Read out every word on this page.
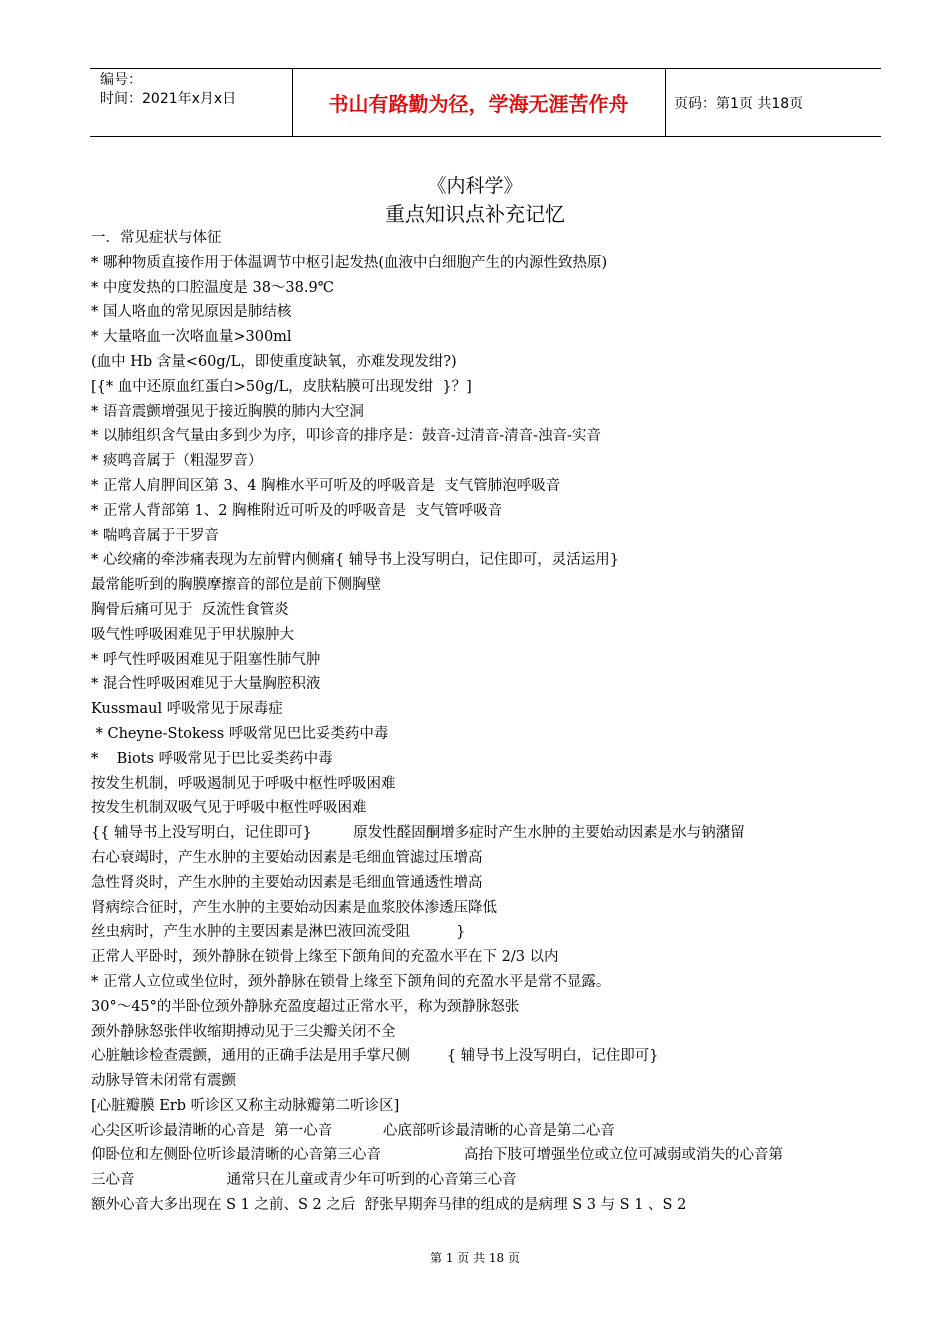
编号：
时间：2021年x月x日	书山有路勤为径，学海无涯苦作舟	页码：第1页 共18页
《内科学》
重点知识点补充记忆
一．常见症状与体征
* 哪种物质直接作用于体温调节中枢引起发热(血液中白细胞产生的内源性致热原)
* 中度发热的口腔温度是 38～38.9℃
* 国人咯血的常见原因是肺结核
* 大量咯血一次咯血量>300ml
(血中 Hb 含量<60g/L，即使重度缺氧，亦难发现发绀?)
[{* 血中还原血红蛋白>50g/L，皮肤粘膜可出现发绀  }？]
* 语音震颤增强见于接近胸膜的肺内大空洞
* 以肺组织含气量由多到少为序，叩诊音的排序是：鼓音-过清音-清音-浊音-实音
* 痰鸣音属于（粗湿罗音）
* 正常人肩胛间区第 3、4 胸椎水平可听及的呼吸音是  支气管肺泡呼吸音
* 正常人背部第 1、2 胸椎附近可听及的呼吸音是  支气管呼吸音
* 喘鸣音属于干罗音
* 心绞痛的牵涉痛表现为左前臂内侧痛{ 辅导书上没写明白，记住即可，灵活运用}
最常能听到的胸膜摩擦音的部位是前下侧胸壁
胸骨后痛可见于  反流性食管炎
吸气性呼吸困难见于甲状腺肿大
* 呼气性呼吸困难见于阻塞性肺气肿
* 混合性呼吸困难见于大量胸腔积液
Kussmaul 呼吸常见于尿毒症
* Cheyne-Stokess 呼吸常见巴比妥类药中毒
*    Biots 呼吸常见于巴比妥类药中毒
按发生机制，呼吸遏制见于呼吸中枢性呼吸困难
按发生机制双吸气见于呼吸中枢性呼吸困难
{{ 辅导书上没写明白，记住即可}         原发性醛固酮增多症时产生水肿的主要始动因素是水与钠潴留
右心衰竭时，产生水肿的主要始动因素是毛细血管滤过压增高
急性肾炎时，产生水肿的主要始动因素是毛细血管通透性增高
肾病综合征时，产生水肿的主要始动因素是血浆胶体渗透压降低
丝虫病时，产生水肿的主要因素是淋巴液回流受阻          }
正常人平卧时，颈外静脉在锁骨上缘至下颌角间的充盈水平在下 2/3 以内
* 正常人立位或坐位时，颈外静脉在锁骨上缘至下颌角间的充盈水平是常不显露。
30°～45°的半卧位颈外静脉充盈度超过正常水平，称为颈静脉怒张
颈外静脉怒张伴收缩期搏动见于三尖瓣关闭不全
心脏触诊检查震颤，通用的正确手法是用手掌尺侧        { 辅导书上没写明白，记住即可}
动脉导管未闭常有震颤
[心脏瓣膜 Erb 听诊区又称主动脉瓣第二听诊区]
心尖区听诊最清晰的心音是  第一心音           心底部听诊最清晰的心音是第二心音
仰卧位和左侧卧位听诊最清晰的心音第三心音                  高抬下肢可增强坐位或立位可减弱或消失的心音第
三心音                    通常只在儿童或青少年可听到的心音第三心音
额外心音大多出现在 S 1 之前、S 2 之后  舒张早期奔马律的组成的是病理 S 3 与 S 1 、S 2
第 1 页 共 18 页
